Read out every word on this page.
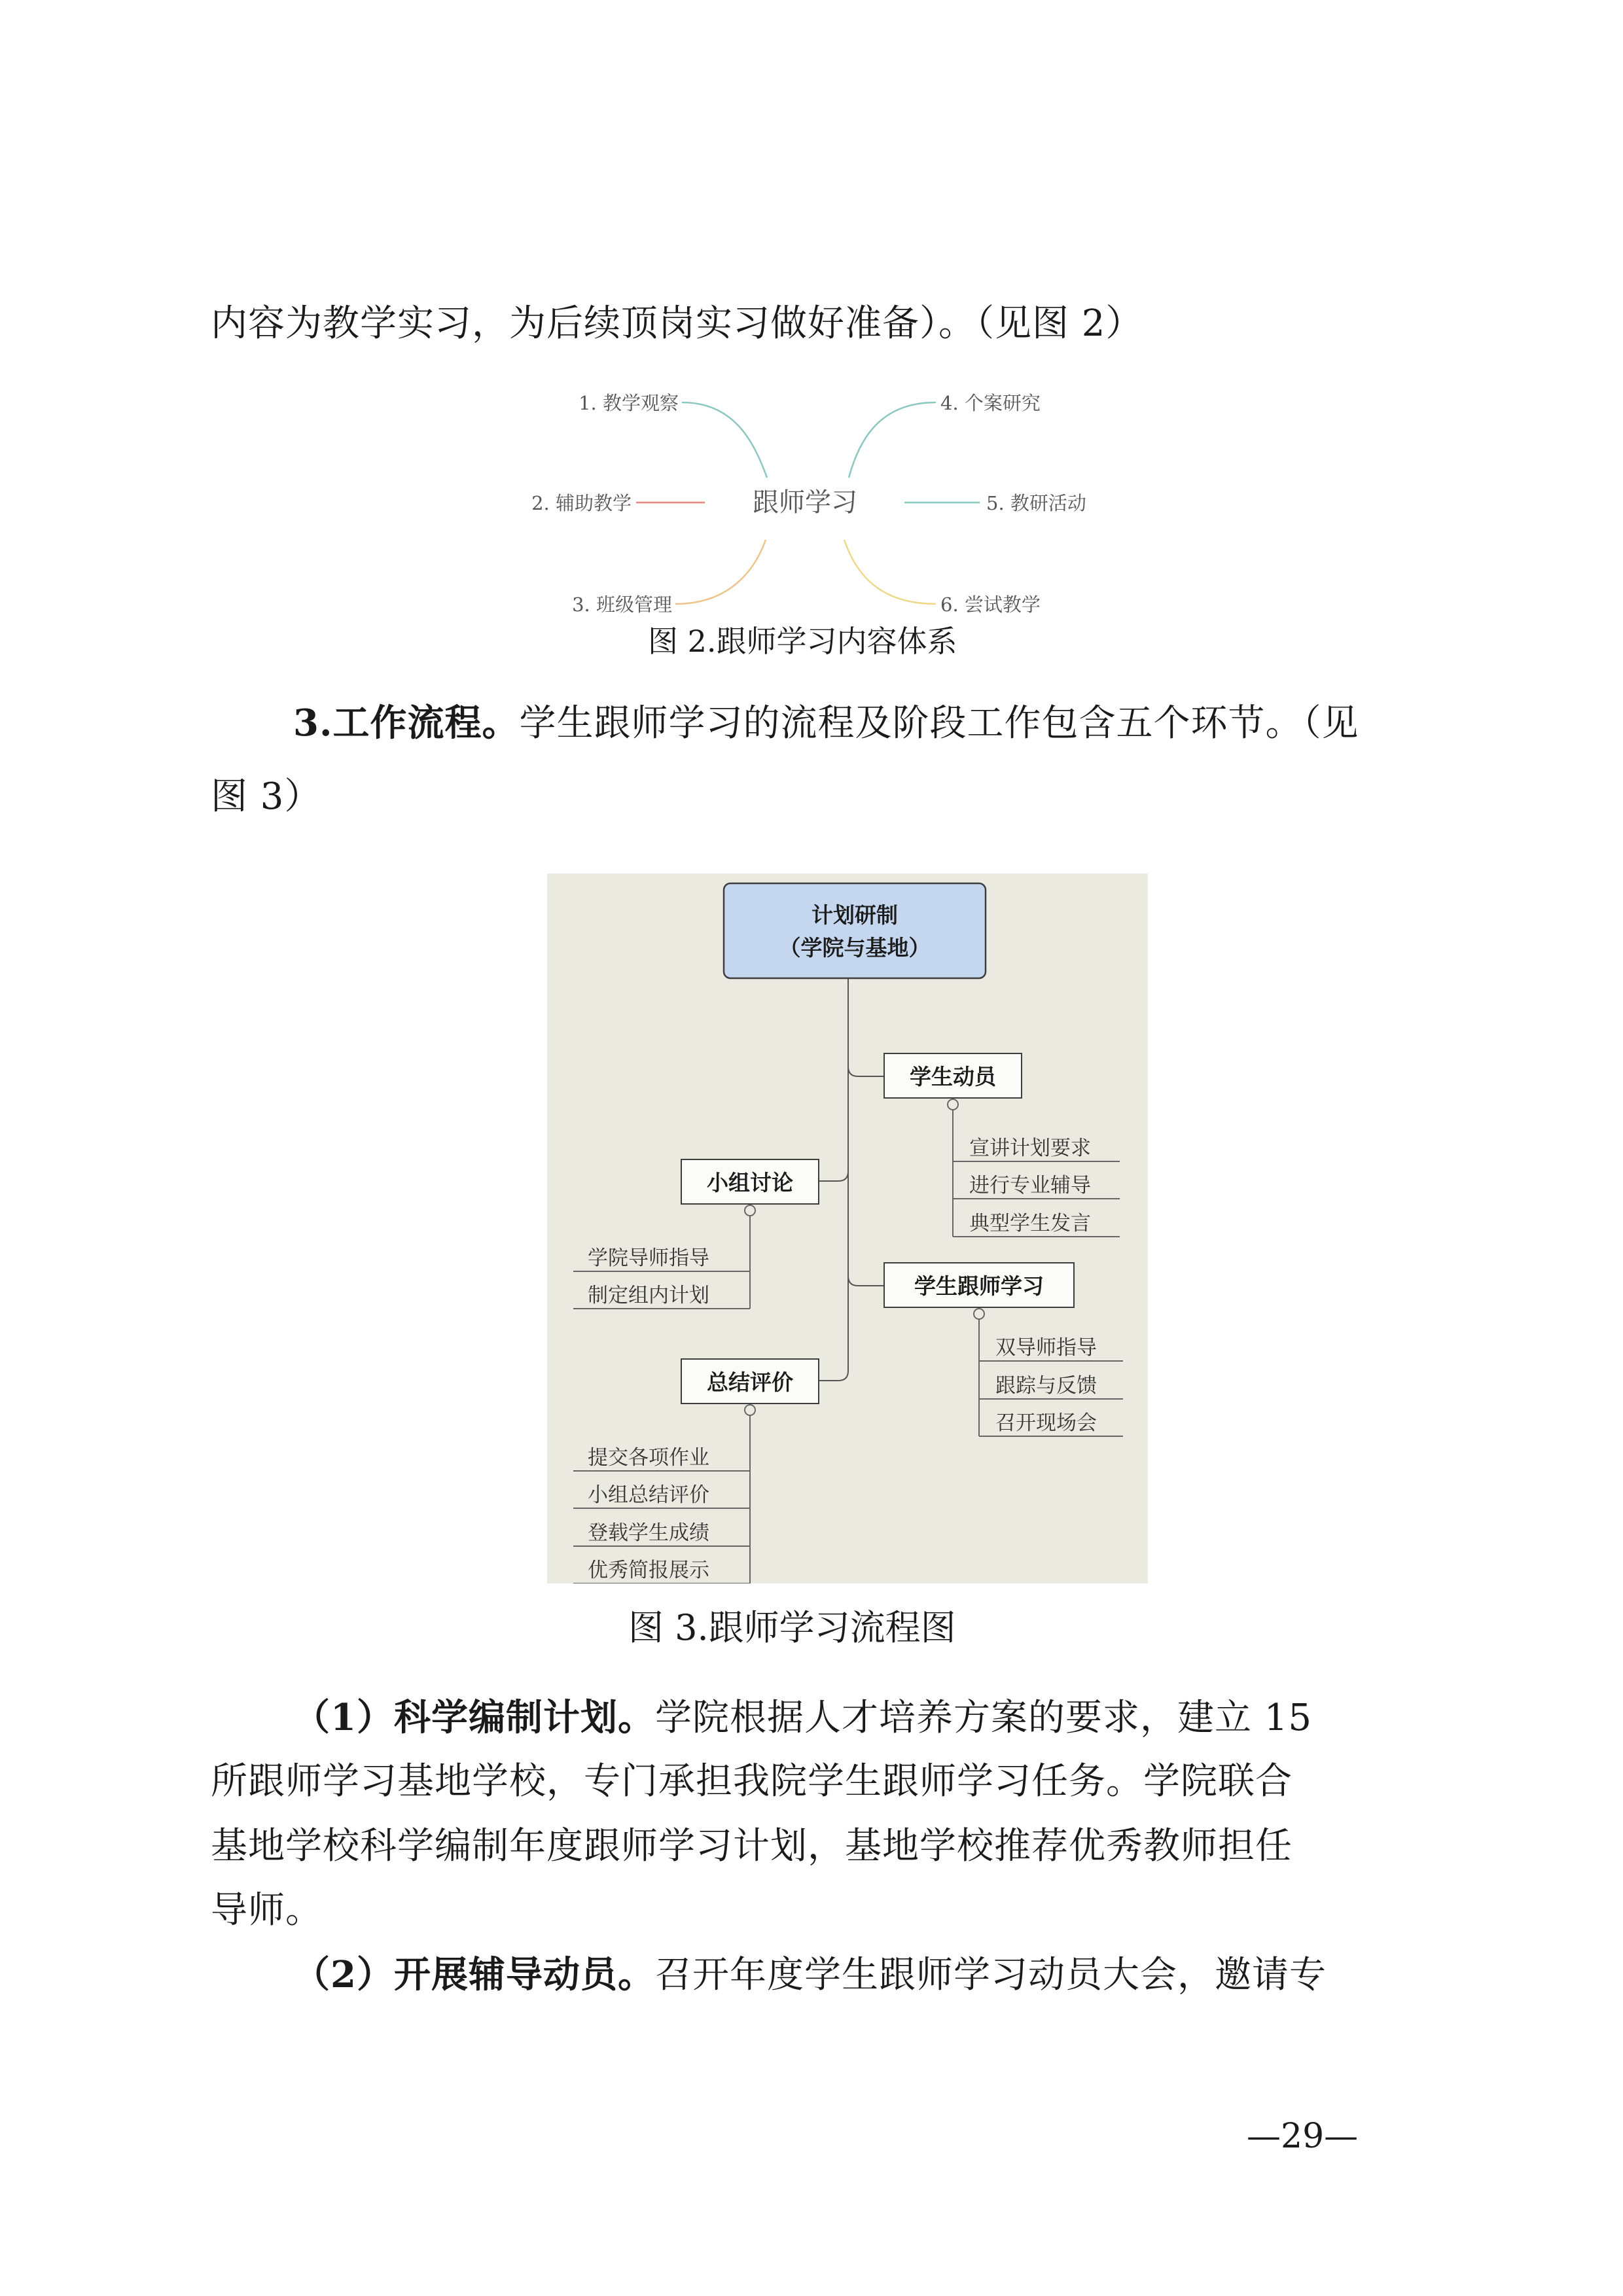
内容为教学实习，为后续顶岗实习做好准备）。（见图 2）
跟师学习
1. 教学观察
2. 辅助教学
3. 班级管理
4. 个案研究
5. 教研活动
6. 尝试教学
图 2.跟师学习内容体系
3.工作流程。学生跟师学习的流程及阶段工作包含五个环节。（见
图 3）
计划研制
（学院与基地）
学生动员
宣讲计划要求
进行专业辅导
典型学生发言
小组讨论
学院导师指导
制定组内计划	学生跟师学习
双导师指导
跟踪与反馈
召开现场会
总结评价
提交各项作业
小组总结评价
登载学生成绩
优秀简报展示
图 3.跟师学习流程图
（1）科学编制计划。学院根据人才培养方案的要求，建立 15
所跟师学习基地学校，专门承担我院学生跟师学习任务。学院联合
基地学校科学编制年度跟师学习计划，基地学校推荐优秀教师担任
导师。
（2）开展辅导动员。召开年度学生跟师学习动员大会，邀请专
—29—
